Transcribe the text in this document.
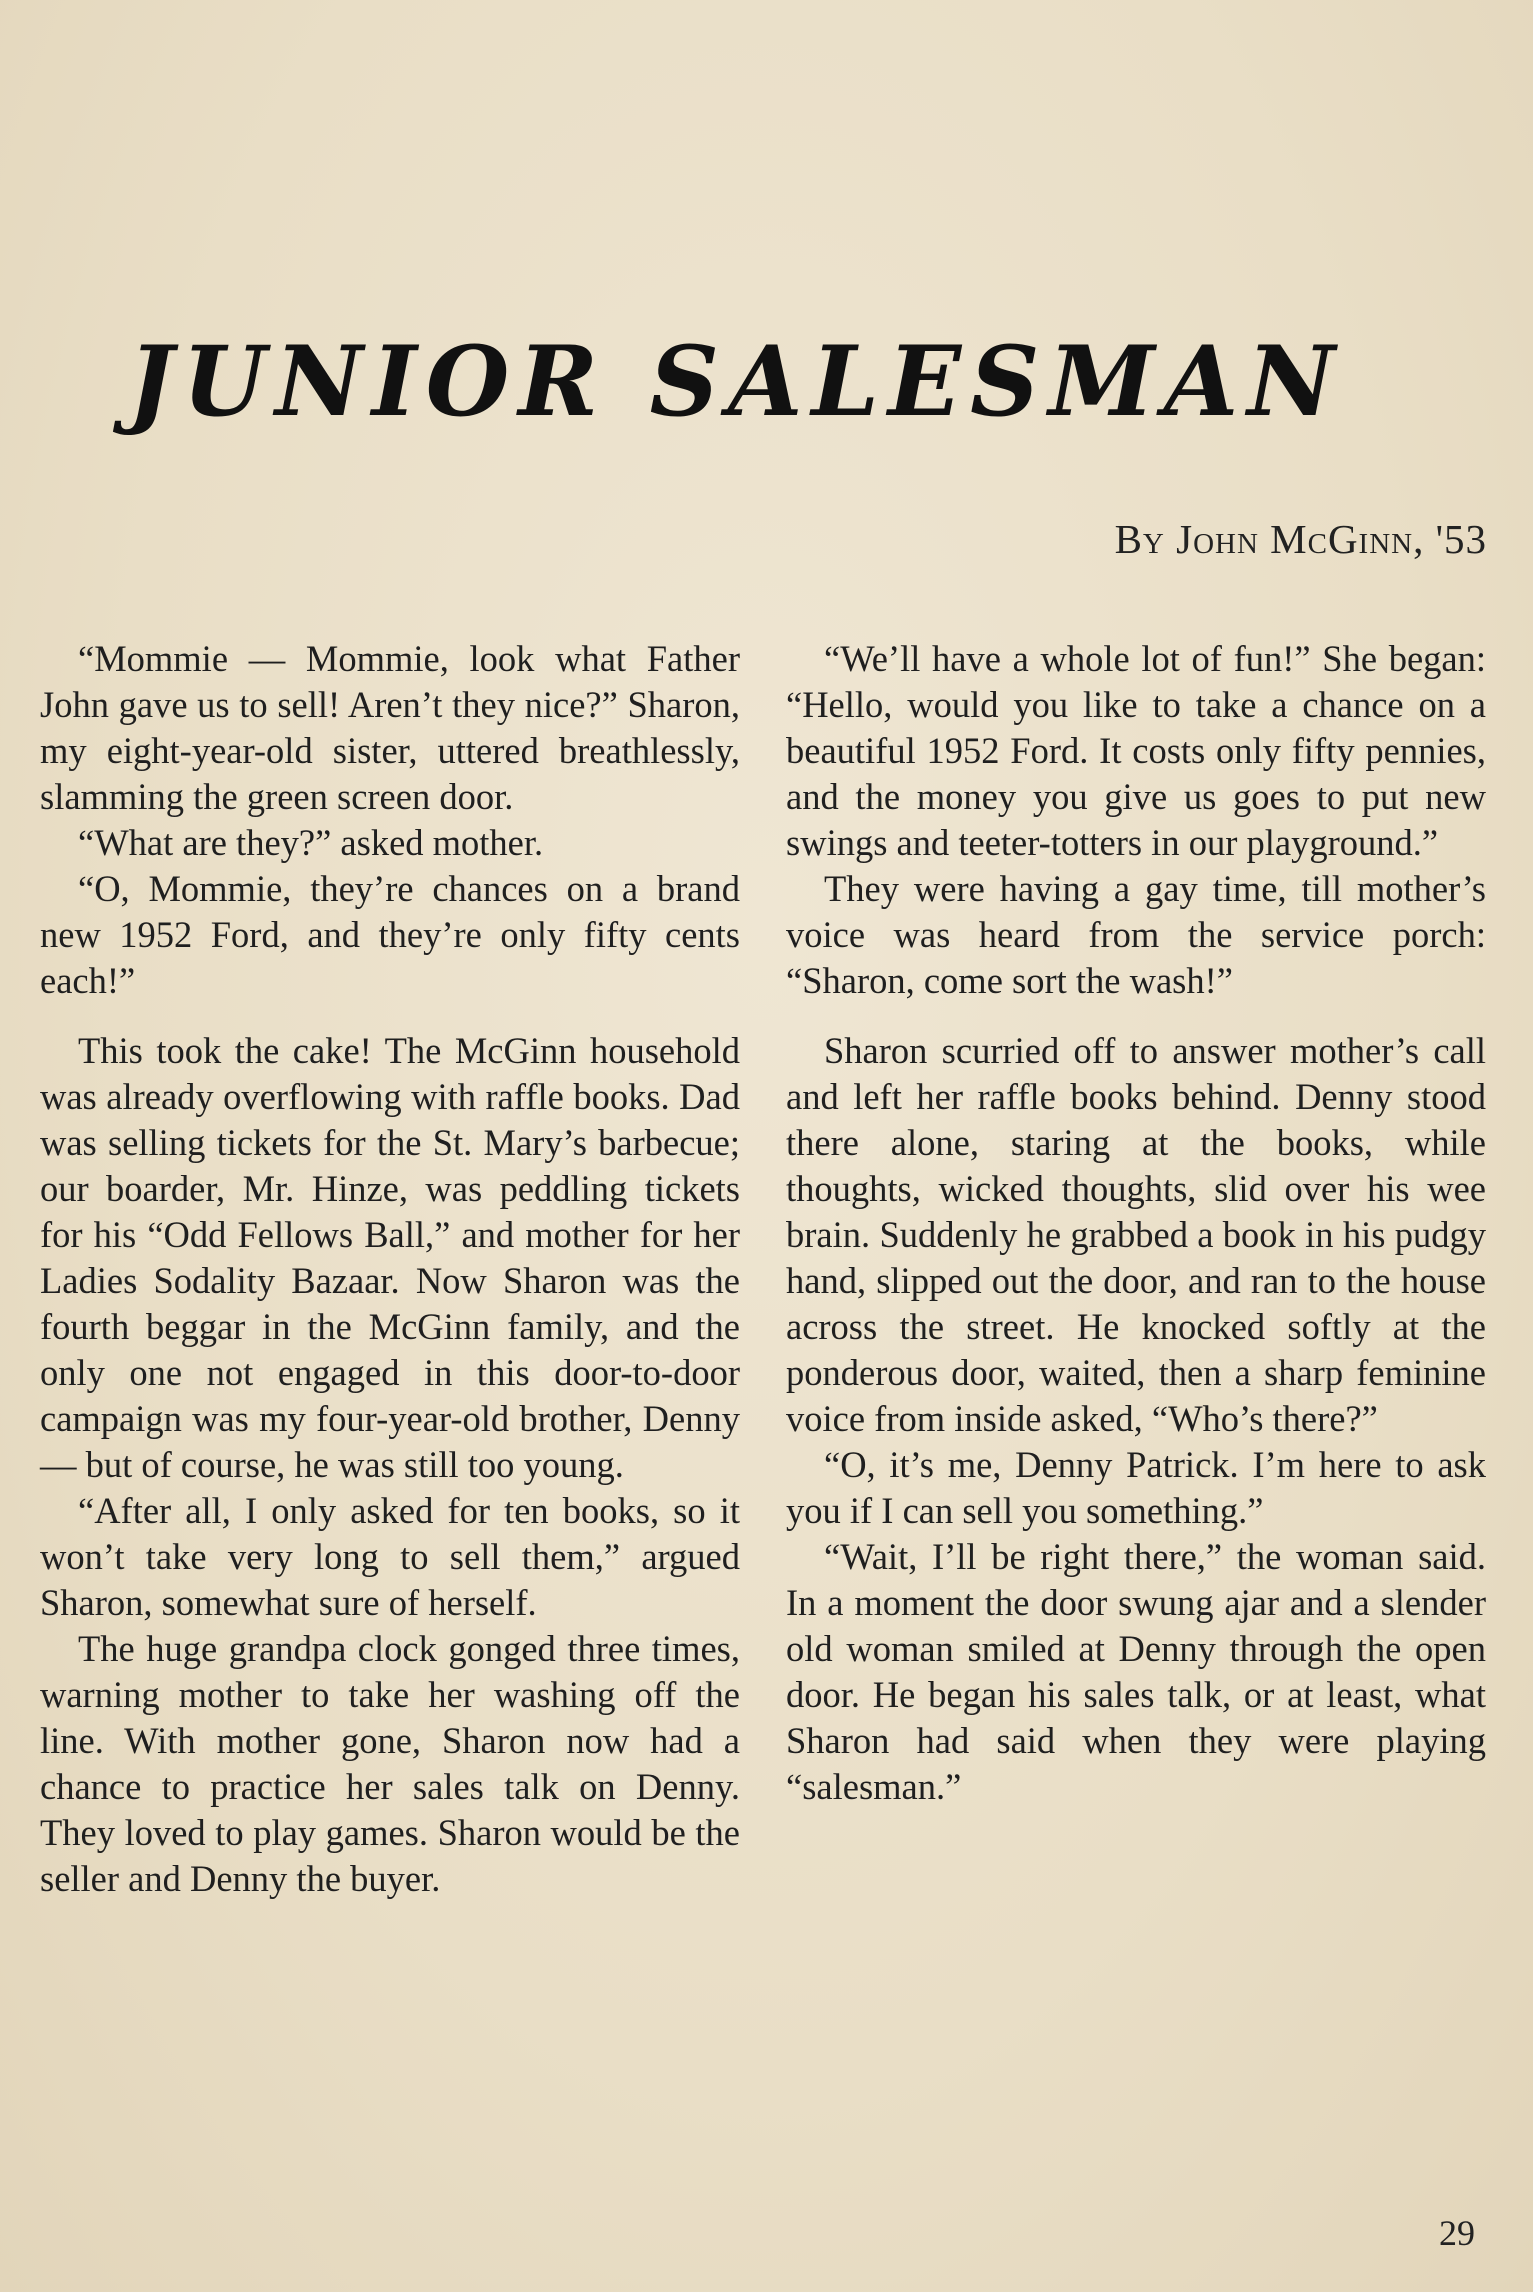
JUNIOR SALESMAN
By John McGinn, '53

“Mommie — Mommie, look what Father John gave us to sell! Aren’t they nice?” Sharon, my eight-year-old sister, uttered breathlessly, slamming the green screen door.

“What are they?” asked mother.

“O, Mommie, they’re chances on a brand new 1952 Ford, and they’re only fifty cents each!”

This took the cake! The McGinn household was already overflowing with raffle books. Dad was selling tickets for the St. Mary’s barbecue; our boarder, Mr. Hinze, was peddling tickets for his “Odd Fellows Ball,” and mother for her Ladies Sodality Bazaar. Now Sharon was the fourth beggar in the McGinn family, and the only one not engaged in this door-to-door campaign was my four-year-old brother, Denny — but of course, he was still too young.

“After all, I only asked for ten books, so it won’t take very long to sell them,” argued Sharon, somewhat sure of herself.

The huge grandpa clock gonged three times, warning mother to take her washing off the line. With mother gone, Sharon now had a chance to practice her sales talk on Denny. They loved to play games. Sharon would be the seller and Denny the buyer.

“We’ll have a whole lot of fun!” She began: “Hello, would you like to take a chance on a beautiful 1952 Ford. It costs only fifty pennies, and the money you give us goes to put new swings and teeter-totters in our playground.”

They were having a gay time, till mother’s voice was heard from the service porch: “Sharon, come sort the wash!”

Sharon scurried off to answer mother’s call and left her raffle books behind. Denny stood there alone, staring at the books, while thoughts, wicked thoughts, slid over his wee brain. Suddenly he grabbed a book in his pudgy hand, slipped out the door, and ran to the house across the street. He knocked softly at the ponderous door, waited, then a sharp feminine voice from inside asked, “Who’s there?”

“O, it’s me, Denny Patrick. I’m here to ask you if I can sell you something.”

“Wait, I’ll be right there,” the woman said. In a moment the door swung ajar and a slender old woman smiled at Denny through the open door. He began his sales talk, or at least, what Sharon had said when they were playing “salesman.”

29
